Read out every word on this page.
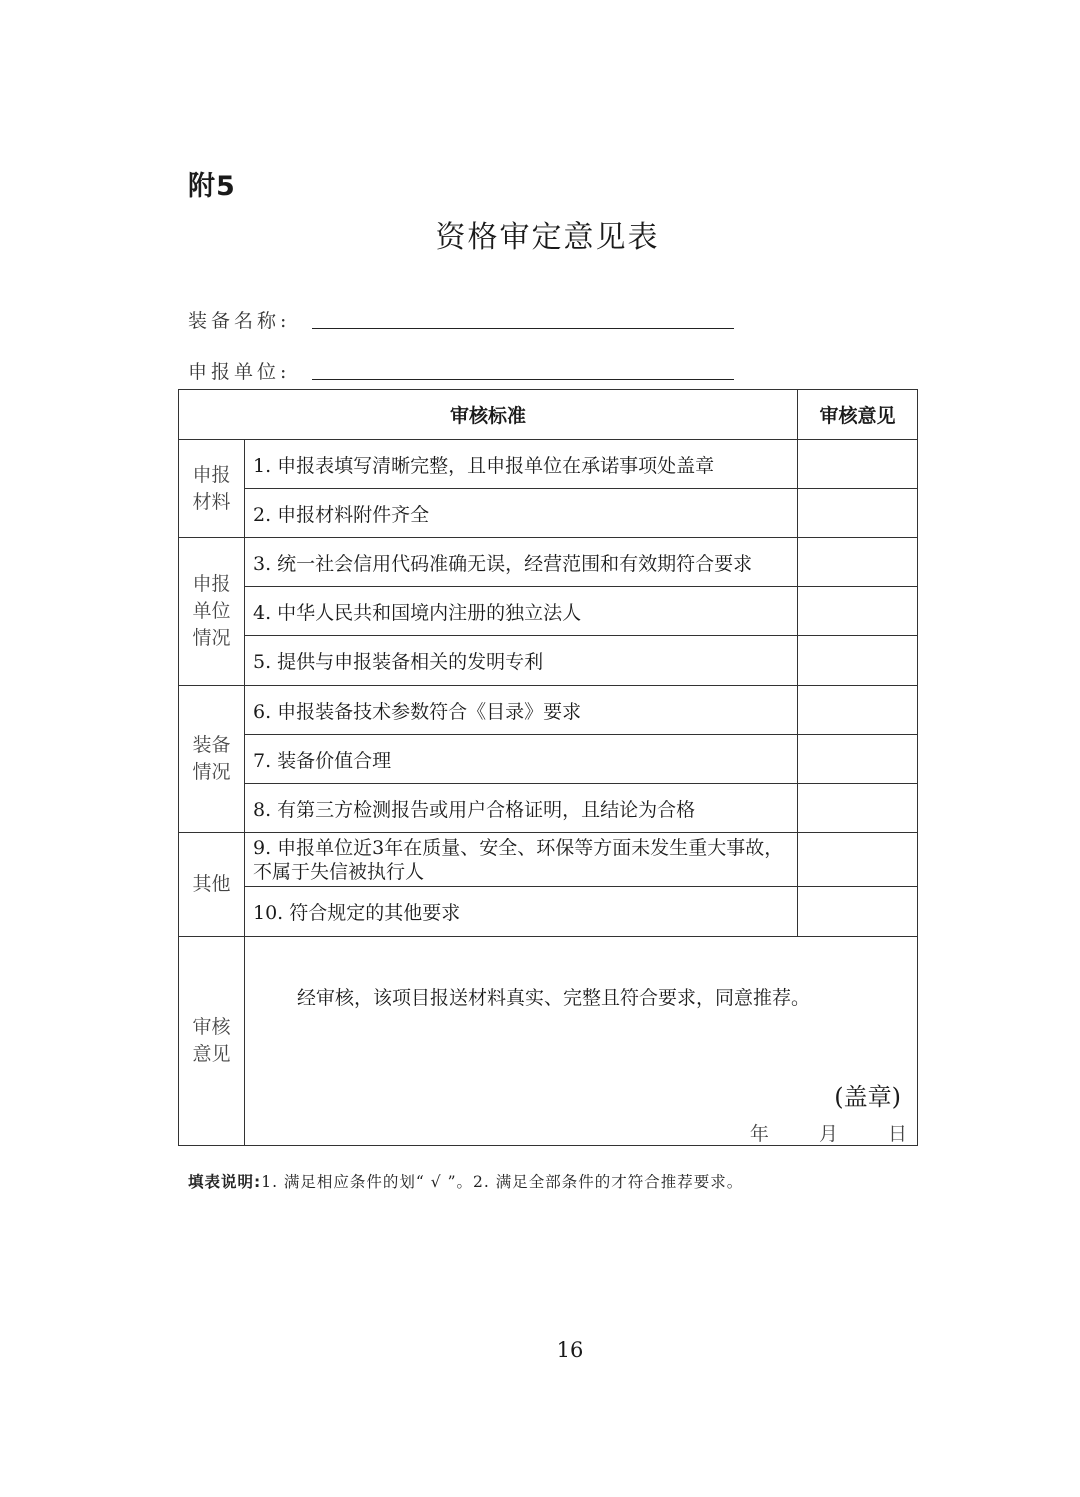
附5
资格审定意见表
装备名称:
申报单位:
审核标准		审核意见
申报
材料	1. 申报表填写清晰完整，且申报单位在承诺事项处盖章	
	2. 申报材料附件齐全	
申报
单位
情况	3. 统一社会信用代码准确无误，经营范围和有效期符合要求	
	4. 中华人民共和国境内注册的独立法人	
	5. 提供与申报装备相关的发明专利	
装备
情况	6. 申报装备技术参数符合《目录》要求	
	7. 装备价值合理	
	8. 有第三方检测报告或用户合格证明，且结论为合格	
其他	9. 申报单位近3年在质量、安全、环保等方面未发生重大事故，不属于失信被执行人	
	10. 符合规定的其他要求	
审核
意见	经审核，该项目报送材料真实、完整且符合要求，同意推荐。
(盖章)
年 月 日	
填表说明:1. 满足相应条件的划“ √ ”。2. 满足全部条件的才符合推荐要求。
16
